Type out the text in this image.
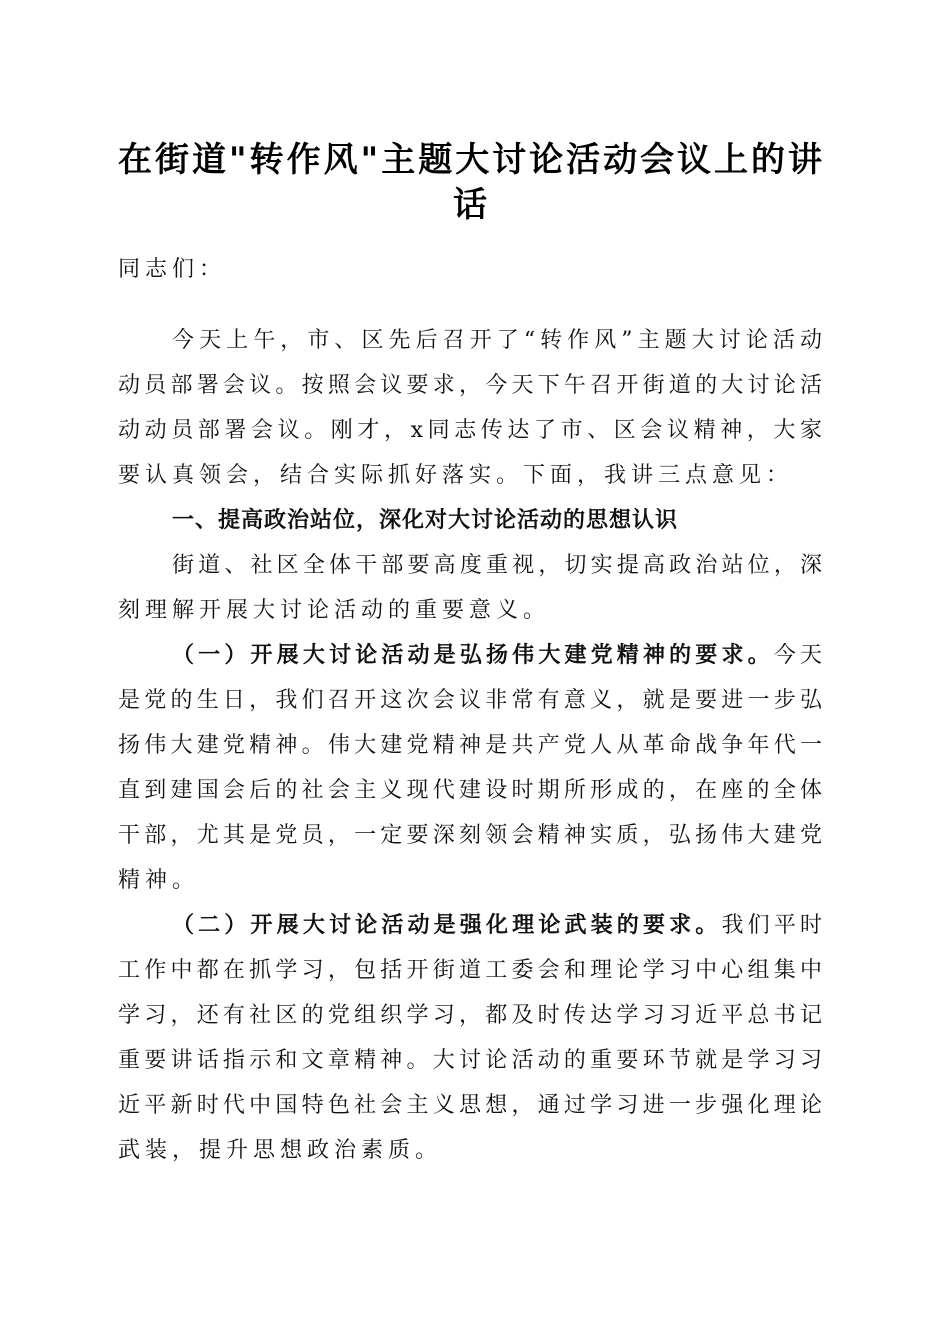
在街道"转作风"主题大讨论活动会议上的讲
话
同志们：
今天上午，市、区先后召开了“转作风”主题大讨论活动
动员部署会议。按照会议要求，今天下午召开街道的大讨论活
动动员部署会议。刚才，x同志传达了市、区会议精神，大家
要认真领会，结合实际抓好落实。下面，我讲三点意见：
一、提高政治站位，深化对大讨论活动的思想认识
街道、社区全体干部要高度重视，切实提高政治站位，深
刻理解开展大讨论活动的重要意义。
（一）开展大讨论活动是弘扬伟大建党精神的要求。今天
是党的生日，我们召开这次会议非常有意义，就是要进一步弘
扬伟大建党精神。伟大建党精神是共产党人从革命战争年代一
直到建国会后的社会主义现代建设时期所形成的，在座的全体
干部，尤其是党员，一定要深刻领会精神实质，弘扬伟大建党
精神。
（二）开展大讨论活动是强化理论武装的要求。我们平时
工作中都在抓学习，包括开街道工委会和理论学习中心组集中
学习，还有社区的党组织学习，都及时传达学习习近平总书记
重要讲话指示和文章精神。大讨论活动的重要环节就是学习习
近平新时代中国特色社会主义思想，通过学习进一步强化理论
武装，提升思想政治素质。
